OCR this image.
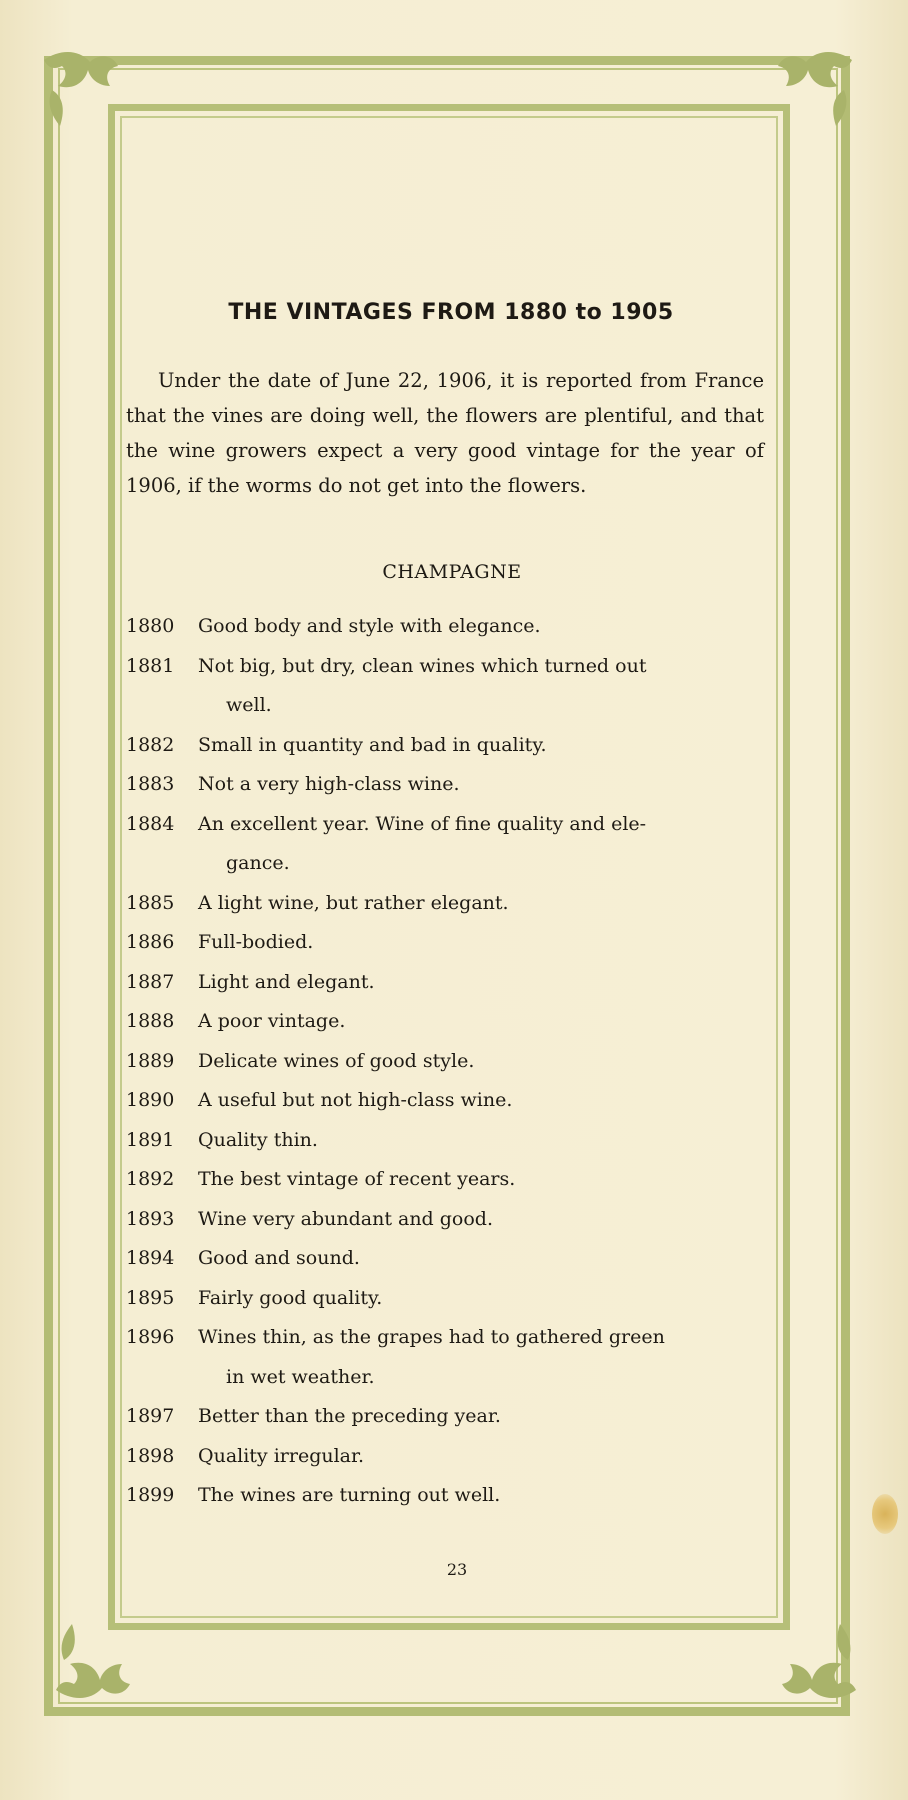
THE VINTAGES FROM 1880 to 1905

Under the date of June 22, 1906, it is reported from France that the vines are doing well, the flowers are plentiful, and that the wine growers expect a very good vintage for the year of 1906, if the worms do not get into the flowers.

CHAMPAGNE
1880	Good body and style with elegance.
1881	Not big, but dry, clean wines which turned out
well.
1882	Small in quantity and bad in quality.
1883	Not a very high-class wine.
1884	An excellent year. Wine of fine quality and ele-
gance.
1885	A light wine, but rather elegant.
1886	Full-bodied.
1887	Light and elegant.
1888	A poor vintage.
1889	Delicate wines of good style.
1890	A useful but not high-class wine.
1891	Quality thin.
1892	The best vintage of recent years.
1893	Wine very abundant and good.
1894	Good and sound.
1895	Fairly good quality.
1896	Wines thin, as the grapes had to gathered green
in wet weather.
1897	Better than the preceding year.
1898	Quality irregular.
1899	The wines are turning out well.
23
